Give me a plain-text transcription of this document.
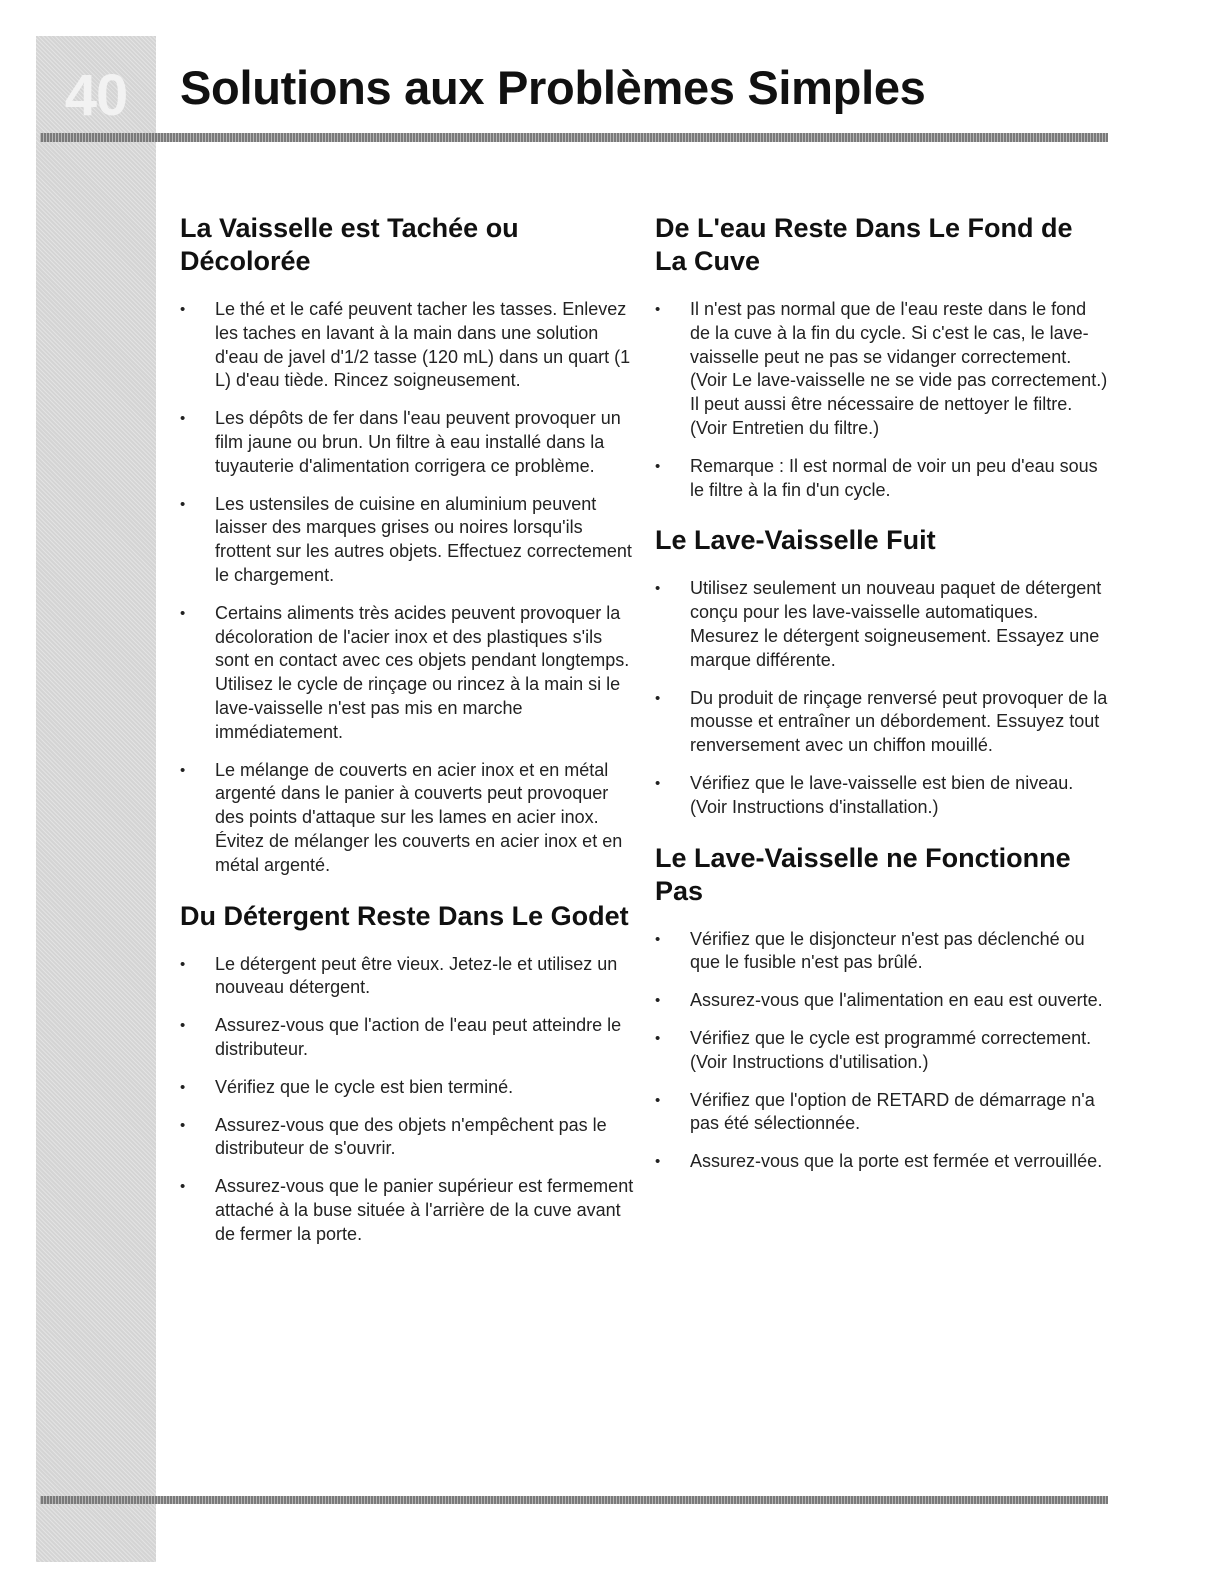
40	Solutions aux Problèmes Simples
La Vaisselle est Tachée ou Décolorée
• Le thé et le café peuvent tacher les tasses. Enlevez les taches en lavant à la main dans une solution d'eau de javel d'1/2 tasse (120 mL) dans un quart (1 L) d'eau tiède. Rincez soigneusement.
• Les dépôts de fer dans l'eau peuvent provoquer un film jaune ou brun. Un filtre à eau installé dans la tuyauterie d'alimentation corrigera ce problème.
• Les ustensiles de cuisine en aluminium peuvent laisser des marques grises ou noires lorsqu'ils frottent sur les autres objets. Effectuez correctement le chargement.
• Certains aliments très acides peuvent provoquer la décoloration de l'acier inox et des plastiques s'ils sont en contact avec ces objets pendant longtemps. Utilisez le cycle de rinçage ou rincez à la main si le lave-vaisselle n'est pas mis en marche immédiatement.
• Le mélange de couverts en acier inox et en métal argenté dans le panier à couverts peut provoquer des points d'attaque sur les lames en acier inox. Évitez de mélanger les couverts en acier inox et en métal argenté.
Du Détergent Reste Dans Le Godet
• Le détergent peut être vieux. Jetez-le et utilisez un nouveau détergent.
• Assurez-vous que l'action de l'eau peut atteindre le distributeur.
• Vérifiez que le cycle est bien terminé.
• Assurez-vous que des objets n'empêchent pas le distributeur de s'ouvrir.
• Assurez-vous que le panier supérieur est fermement attaché à la buse située à l'arrière de la cuve avant de fermer la porte.
De L'eau Reste Dans Le Fond de La Cuve
• Il n'est pas normal que de l'eau reste dans le fond de la cuve à la fin du cycle. Si c'est le cas, le lave-vaisselle peut ne pas se vidanger correctement. (Voir Le lave-vaisselle ne se vide pas correctement.) Il peut aussi être nécessaire de nettoyer le filtre. (Voir Entretien du filtre.)
• Remarque : Il est normal de voir un peu d'eau sous le filtre à la fin d'un cycle.
Le Lave-Vaisselle Fuit
• Utilisez seulement un nouveau paquet de détergent conçu pour les lave-vaisselle automatiques. Mesurez le détergent soigneusement. Essayez une marque différente.
• Du produit de rinçage renversé peut provoquer de la mousse et entraîner un débordement. Essuyez tout renversement avec un chiffon mouillé.
• Vérifiez que le lave-vaisselle est bien de niveau. (Voir Instructions d'installation.)
Le Lave-Vaisselle ne Fonctionne Pas
• Vérifiez que le disjoncteur n'est pas déclenché ou que le fusible n'est pas brûlé.
• Assurez-vous que l'alimentation en eau est ouverte.
• Vérifiez que le cycle est programmé correctement. (Voir Instructions d'utilisation.)
• Vérifiez que l'option de RETARD de démarrage n'a pas été sélectionnée.
• Assurez-vous que la porte est fermée et verrouillée.
